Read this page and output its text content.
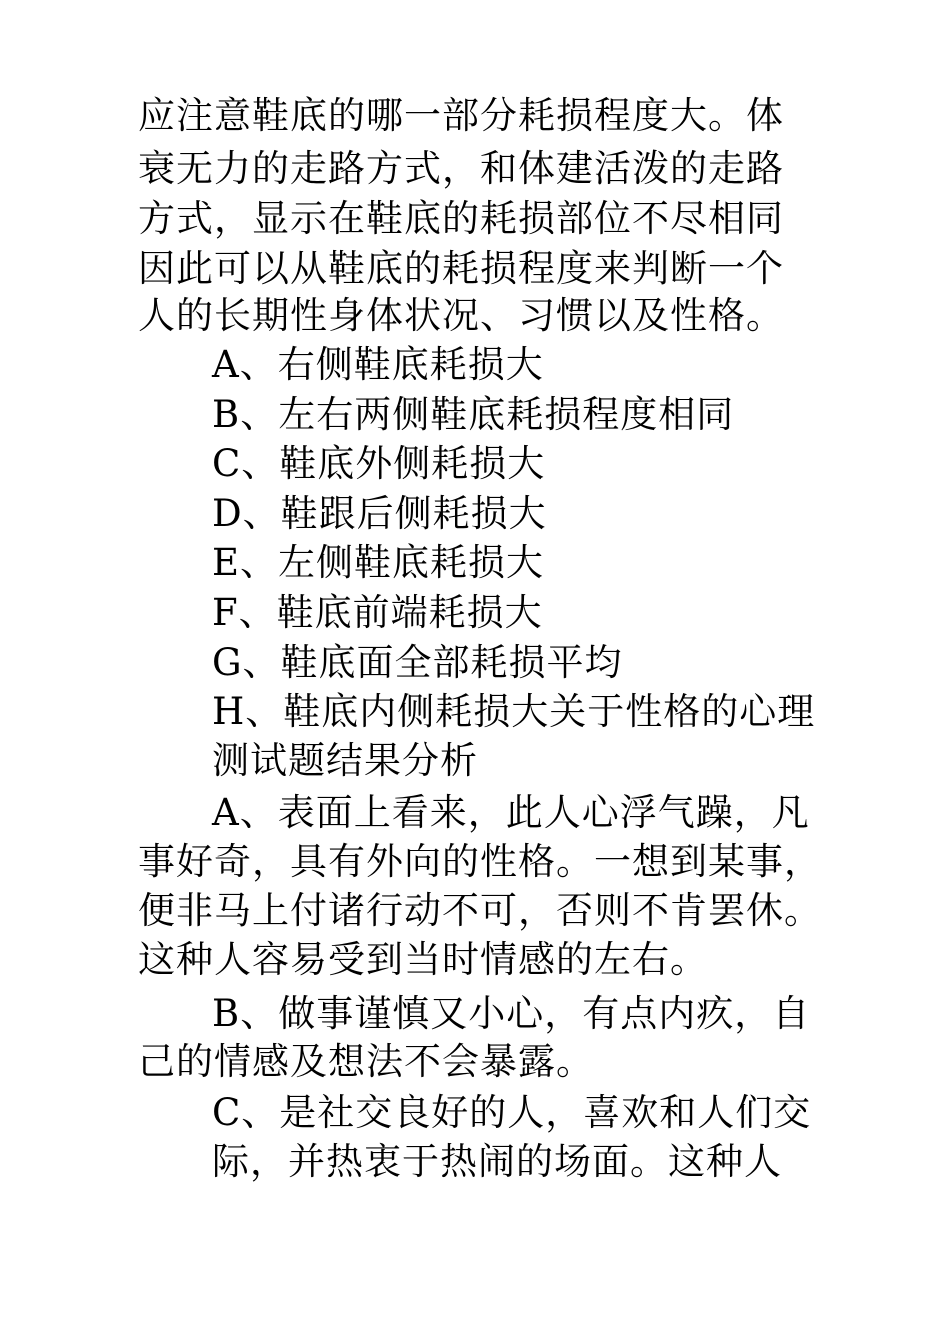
应注意鞋底的哪一部分耗损程度大。体
衰无力的走路方式，和体建活泼的走路
方式，显示在鞋底的耗损部位不尽相同
因此可以从鞋底的耗损程度来判断一个
人的长期性身体状况、习惯以及性格。
A、右侧鞋底耗损大
B、左右两侧鞋底耗损程度相同
C、鞋底外侧耗损大
D、鞋跟后侧耗损大
E、左侧鞋底耗损大
F、鞋底前端耗损大
G、鞋底面全部耗损平均
H、鞋底内侧耗损大关于性格的心理
测试题结果分析
A、表面上看来，此人心浮气躁，凡
事好奇，具有外向的性格。一想到某事，
便非马上付诸行动不可，否则不肯罢休。
这种人容易受到当时情感的左右。
B、做事谨慎又小心，有点内疚，自
己的情感及想法不会暴露。
C、是社交良好的人，喜欢和人们交
际，并热衷于热闹的场面。这种人
